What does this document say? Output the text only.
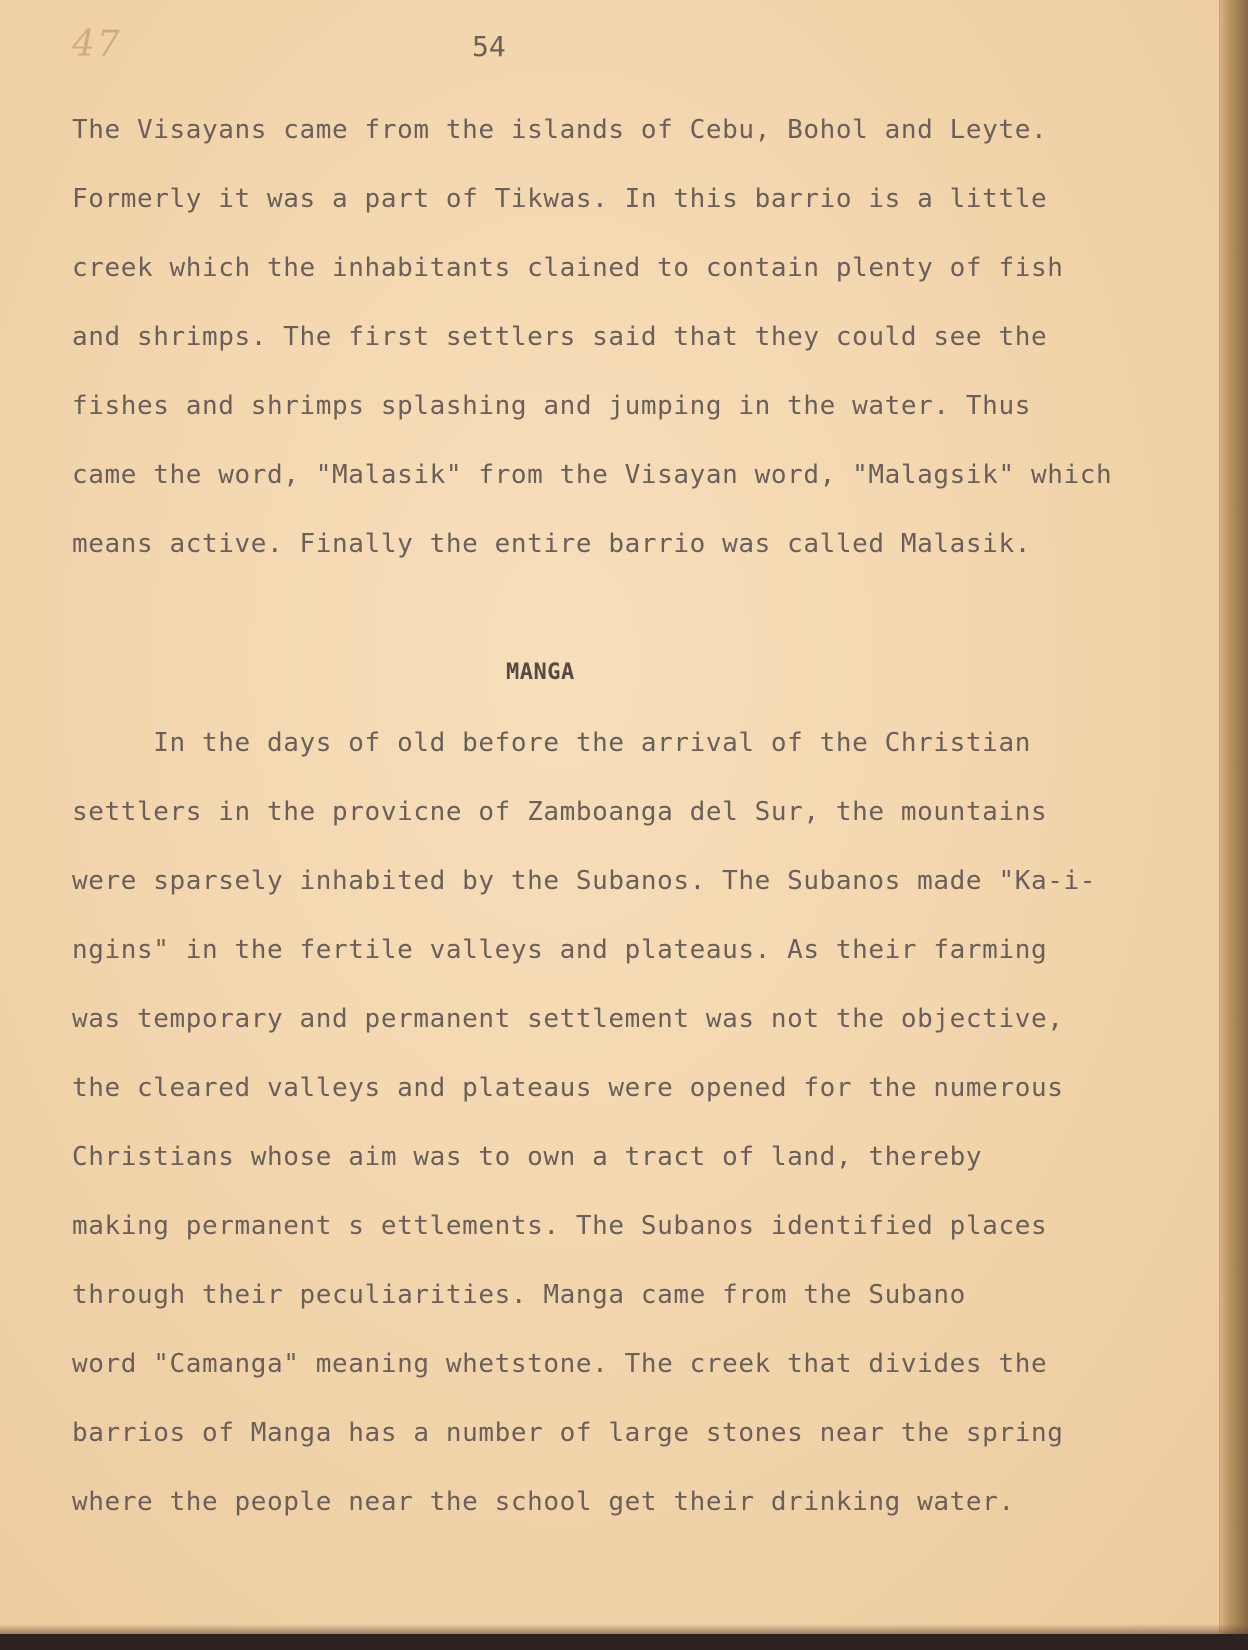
47	54
The Visayans came from the islands of Cebu, Bohol and Leyte.
Formerly it was a part of Tikwas. In this barrio is a little
creek which the inhabitants clained to contain plenty of fish
and shrimps. The first settlers said that they could see the
fishes and shrimps splashing and jumping in the water. Thus
came the word, "Malasik" from the Visayan word, "Malagsik" which
means active. Finally the entire barrio was called Malasik.
MANGA
In the days of old before the arrival of the Christian
settlers in the provicne of Zamboanga del Sur, the mountains
were sparsely inhabited by the Subanos. The Subanos made "Ka-i-
ngins" in the fertile valleys and plateaus. As their farming
was temporary and permanent settlement was not the objective,
the cleared valleys and plateaus were opened for the numerous
Christians whose aim was to own a tract of land, thereby
making permanent s ettlements. The Subanos identified places
through their peculiarities. Manga came from the Subano
word "Camanga" meaning whetstone. The creek that divides the
barrios of Manga has a number of large stones near the spring
where the people near the school get their drinking water.
